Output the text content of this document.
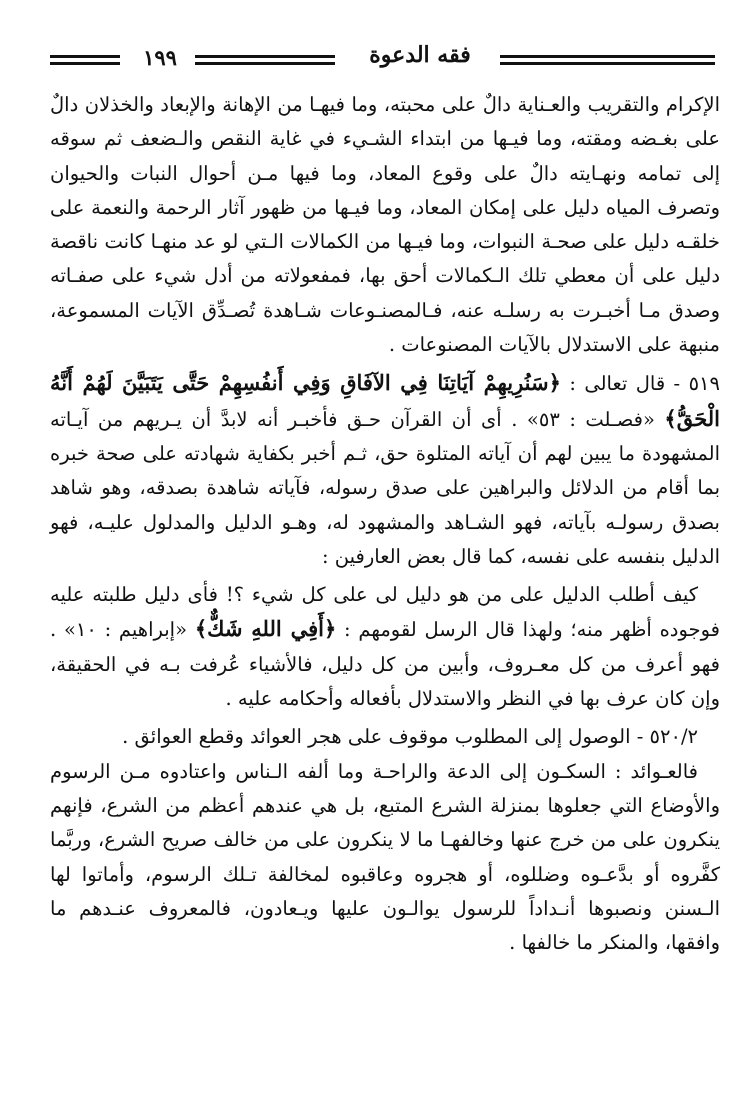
١٩٩	فقه الدعوة

الإكرام والتقريب والعـناية دالٌ على محبته، وما فيهـا من الإهانة والإبعاد والخذلان دالٌ على بغـضه ومقته، وما فيـها من ابتداء الشـيء في غاية النقص والـضعف ثم سوقه إلى تمامه ونهـايته دالٌ على وقوع المعاد، وما فيها مـن أحوال النبات والحيوان وتصرف المياه دليل على إمكان المعاد، وما فيـها من ظهور آثار الرحمة والنعمة على خلقـه دليل على صحـة النبوات، وما فيـها من الكمالات الـتي لو عد منهـا كانت ناقصة دليل على أن معطي تلك الـكمالات أحق بها، فمفعولاته من أدل شيء على صفـاته وصدق مـا أخبـرت به رسلـه عنه، فـالمصنـوعات شـاهدة تُصـدِّق الآيات المسموعة، منبهة على الاستدلال بالآيات المصنوعات .

٥١٩ - قال تعالى : ﴿سَنُرِيهِمْ آيَاتِنَا فِي الآفَاقِ وَفِي أَنفُسِهِمْ حَتَّى يَتَبَيَّنَ لَهُمْ أَنَّهُ الْحَقُّ﴾ «فصـلت : ٥٣» . أى أن القرآن حـق فأخبـر أنه لابدَّ أن يـريهم من آيـاته المشهودة ما يبين لهم أن آياته المتلوة حق، ثـم أخبر بكفاية شهادته على صحة خبره بما أقام من الدلائل والبراهين على صدق رسوله، فآياته شاهدة بصدقه، وهو شاهد بصدق رسولـه بآياته، فهو الشـاهد والمشهود له، وهـو الدليل والمدلول عليـه، فهو الدليل بنفسه على نفسه، كما قال بعض العارفين :

كيف أطلب الدليل على من هو دليل لى على كل شيء ؟! فأى دليل طلبته عليه فوجوده أظهر منه؛ ولهذا قال الرسل لقومهم : ﴿أَفِي اللهِ شَكٌّ﴾ «إبراهيم : ١٠» . فهو أعرف من كل معـروف، وأبين من كل دليل، فالأشياء عُرفت بـه في الحقيقة، وإن كان عرف بها في النظر والاستدلال بأفعاله وأحكامه عليه .

٥٢٠/٢ - الوصول إلى المطلوب موقوف على هجر العوائد وقطع العوائق .

فالعـوائد : السكـون إلى الدعة والراحـة وما ألفه الـناس واعتادوه مـن الرسوم والأوضاع التي جعلوها بمنزلة الشرع المتبع، بل هي عندهم أعظم من الشرع، فإنهم ينكرون على من خرج عنها وخالفهـا ما لا ينكرون على من خالف صريح الشرع، وربَّما كفَّروه أو بدَّعـوه وضللوه، أو هجروه وعاقبوه لمخالفة تـلك الرسوم، وأماتوا لها الـسنن ونصبوها أنـداداً للرسول يوالـون عليها ويـعادون، فالمعروف عنـدهم ما وافقها، والمنكر ما خالفها .
